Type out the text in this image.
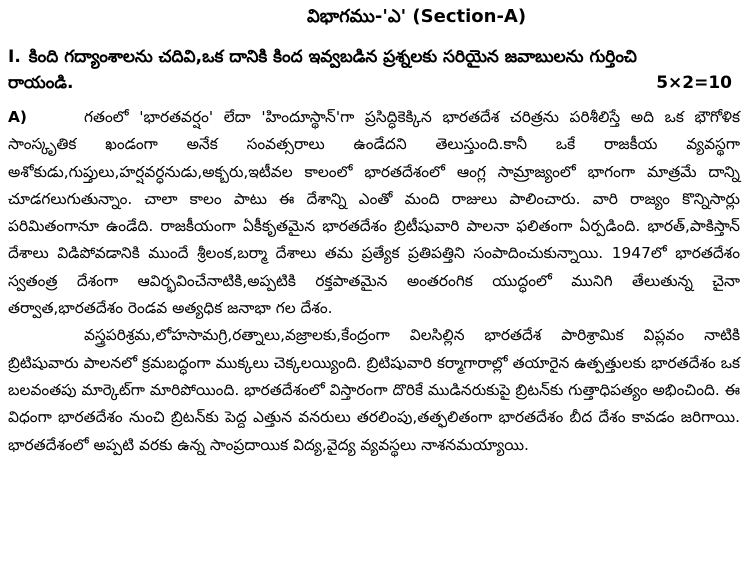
విభాగము-'ఎ' (Section-A)
I. కింది గద్యాంశాలను చదివి,ఒక దానికి కింద ఇవ్వబడిన ప్రశ్నలకు సరియైన జవాబులను గుర్తించి
రాయండి.	5×2=10

A)	గతంలో 'భారతవర్షం' లేదా 'హిందూస్థాన్'గా ప్రసిద్ధికెక్కిన భారతదేశ చరిత్రను పరిశీలిస్తే అది ఒక భౌగోళిక సాంస్కృతిక ఖండంగా అనేక సంవత్సరాలు ఉండేదని తెలుస్తుంది.కానీ ఒకే రాజకీయ వ్యవస్థగా అశోకుడు,గుప్తులు,హర్షవర్ధనుడు,అక్బరు,ఇటీవల కాలంలో భారతదేశంలో ఆంగ్ల సామ్రాజ్యంలో భాగంగా మాత్రమే దాన్ని చూడగలుగుతున్నాం. చాలా కాలం పాటు ఈ దేశాన్ని ఎంతో మంది రాజులు పాలించారు. వారి రాజ్యం కొన్నిసార్లు పరిమితంగానూ ఉండేది. రాజకీయంగా ఏకీకృతమైన భారతదేశం బ్రిటీషువారి పాలనా ఫలితంగా ఏర్పడింది. భారత్,పాకిస్తాన్ దేశాలు విడిపోవడానికి ముందే శ్రీలంక,బర్మా దేశాలు తమ ప్రత్యేక ప్రతిపత్తిని సంపాదించుకున్నాయి. 1947లో భారతదేశం స్వతంత్ర దేశంగా ఆవిర్భవించేనాటికి,అప్పటికి రక్తపాతమైన అంతరంగిక యుద్ధంలో మునిగి తేలుతున్న చైనా తర్వాత,భారతదేశం రెండవ అత్యధిక జనాభా గల దేశం.

వస్త్రపరిశ్రమ,లోహసామగ్రి,రత్నాలు,వజ్రాలకు,కేంద్రంగా విలసిల్లిన భారతదేశ పారిశ్రామిక విప్లవం నాటికి బ్రిటిషువారు పాలనలో క్రమబద్ధంగా ముక్కలు చెక్కలయ్యింది. బ్రిటిషువారి కర్మాగారాల్లో తయారైన ఉత్పత్తులకు భారతదేశం ఒక బలవంతపు మార్కెట్‌గా మారిపోయింది. భారతదేశంలో విస్తారంగా దొరికే ముడినరుకుపై బ్రిటన్‌కు గుత్తాధిపత్యం అభించింది. ఈ విధంగా భారతదేశం నుంచి బ్రిటన్‌కు పెద్ద ఎత్తున వనరులు తరలింపు,తత్ఫలితంగా భారతదేశం బీద దేశం కావడం జరిగాయి. భారతదేశంలో అప్పటి వరకు ఉన్న సాంప్రదాయిక విద్య,వైద్య వ్యవస్థలు నాశనమయ్యాయి.
